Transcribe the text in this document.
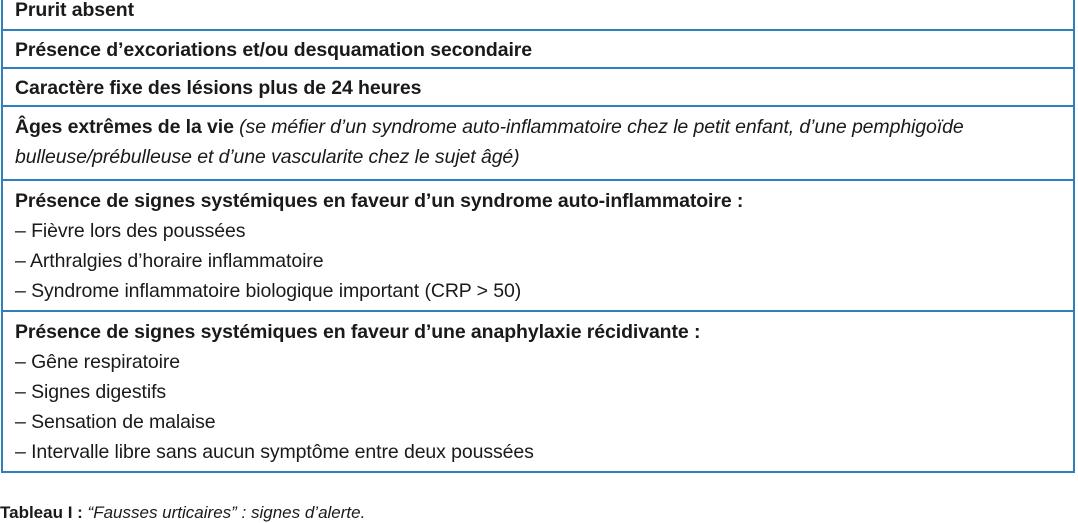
Prurit absent
Présence d’excoriations et/ou desquamation secondaire
Caractère fixe des lésions plus de 24 heures
Âges extrêmes de la vie (se méfier d’un syndrome auto-inflammatoire chez le petit enfant, d’une pemphigoïde bulleuse/prébulleuse et d’une vascularite chez le sujet âgé)
Présence de signes systémiques en faveur d’un syndrome auto-inflammatoire :
– Fièvre lors des poussées
– Arthralgies d’horaire inflammatoire
– Syndrome inflammatoire biologique important (CRP > 50)
Présence de signes systémiques en faveur d’une anaphylaxie récidivante :
– Gêne respiratoire
– Signes digestifs
– Sensation de malaise
– Intervalle libre sans aucun symptôme entre deux poussées
Tableau I : “Fausses urticaires” : signes d’alerte.
